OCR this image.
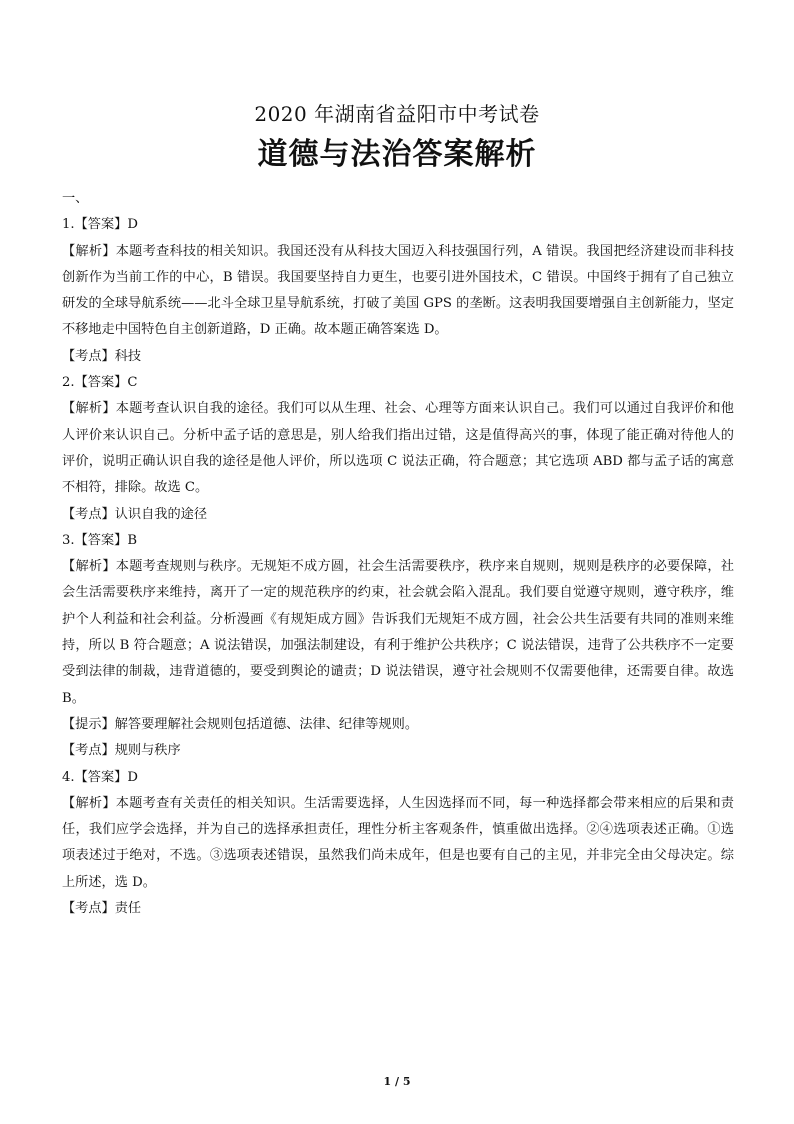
2020 年湖南省益阳市中考试卷
道德与法治答案解析

一、

1.【答案】D

【解析】本题考查科技的相关知识。我国还没有从科技大国迈入科技强国行列，A 错误。我国把经济建设而非科技创新作为当前工作的中心，B 错误。我国要坚持自力更生，也要引进外国技术，C 错误。中国终于拥有了自己独立研发的全球导航系统——北斗全球卫星导航系统，打破了美国 GPS 的垄断。这表明我国要增强自主创新能力，坚定不移地走中国特色自主创新道路，D 正确。故本题正确答案选 D。

【考点】科技

2.【答案】C

【解析】本题考查认识自我的途径。我们可以从生理、社会、心理等方面来认识自己。我们可以通过自我评价和他人评价来认识自己。分析中孟子话的意思是，别人给我们指出过错，这是值得高兴的事，体现了能正确对待他人的评价，说明正确认识自我的途径是他人评价，所以选项 C 说法正确，符合题意；其它选项 ABD 都与孟子话的寓意不相符，排除。故选 C。

【考点】认识自我的途径

3.【答案】B

【解析】本题考查规则与秩序。无规矩不成方圆，社会生活需要秩序，秩序来自规则，规则是秩序的必要保障，社会生活需要秩序来维持，离开了一定的规范秩序的约束，社会就会陷入混乱。我们要自觉遵守规则，遵守秩序，维护个人利益和社会利益。分析漫画《有规矩成方圆》告诉我们无规矩不成方圆，社会公共生活要有共同的准则来维持，所以 B 符合题意；A 说法错误，加强法制建设，有利于维护公共秩序；C 说法错误，违背了公共秩序不一定要受到法律的制裁，违背道德的，要受到舆论的谴责；D 说法错误，遵守社会规则不仅需要他律，还需要自律。故选 B。

【提示】解答要理解社会规则包括道德、法律、纪律等规则。

【考点】规则与秩序

4.【答案】D

【解析】本题考查有关责任的相关知识。生活需要选择，人生因选择而不同，每一种选择都会带来相应的后果和责任，我们应学会选择，并为自己的选择承担责任，理性分析主客观条件，慎重做出选择。②④选项表述正确。①选项表述过于绝对，不选。③选项表述错误，虽然我们尚未成年，但是也要有自己的主见，并非完全由父母决定。综上所述，选 D。

【考点】责任

1 / 5
